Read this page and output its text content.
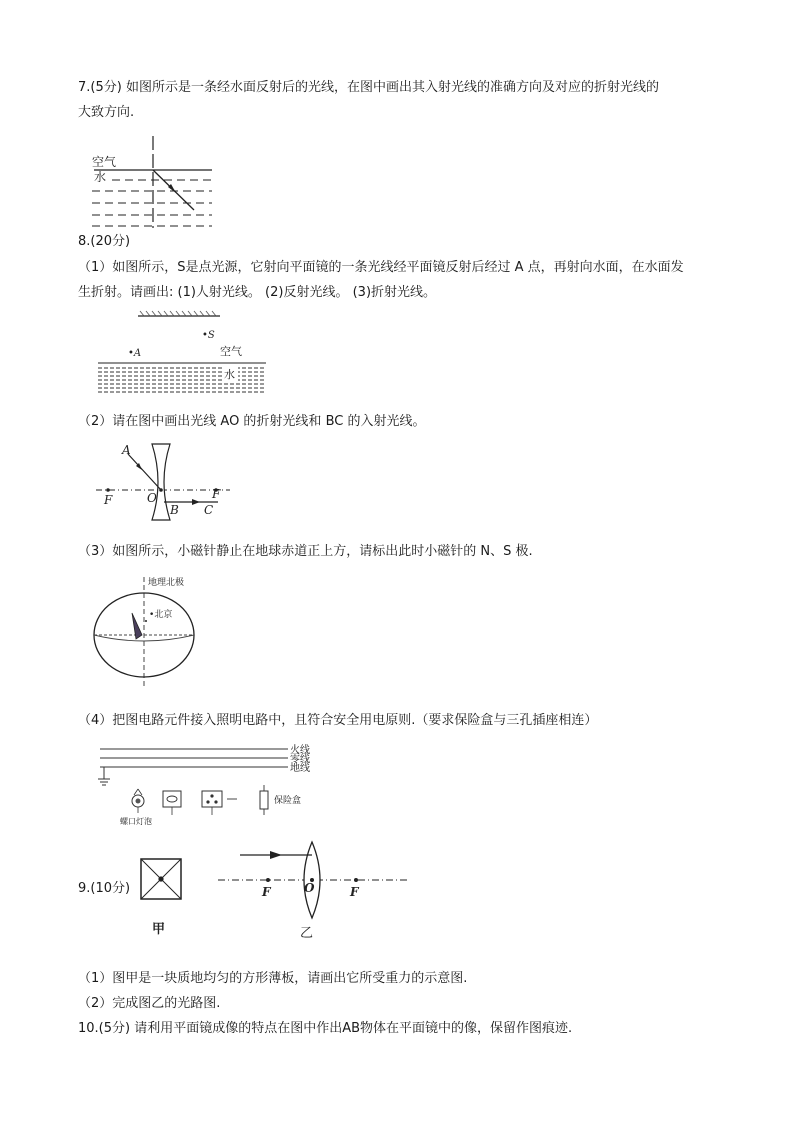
7.(5分) 如图所示是一条经水面反射后的光线，在图中画出其入射光线的准确方向及对应的折射光线的
大致方向.
空气
水
8.(20分)
（1）如图所示，S是点光源，它射向平面镜的一条光线经平面镜反射后经过 A 点，再射向水面，在水面发
生折射。请画出: (1)人射光线。 (2)反射光线。 (3)折射光线。
•S
•A	空气
水
（2）请在图中画出光线 AO 的折射光线和 BC 的入射光线。
A
F	O	F
B C
（3）如图所示，小磁针静止在地球赤道正上方，请标出此时小磁针的 N、S 极.
地理北极
•北京
（4）把图电路元件接入照明电路中，且符合安全用电原则.（要求保险盒与三孔插座相连）
火线
零线
地线
螺口灯泡
保险盒
9.(10分)
甲
F	O	F
乙
（1）图甲是一块质地均匀的方形薄板，请画出它所受重力的示意图.
（2）完成图乙的光路图.
10.(5分) 请利用平面镜成像的特点在图中作出AB物体在平面镜中的像，保留作图痕迹.
